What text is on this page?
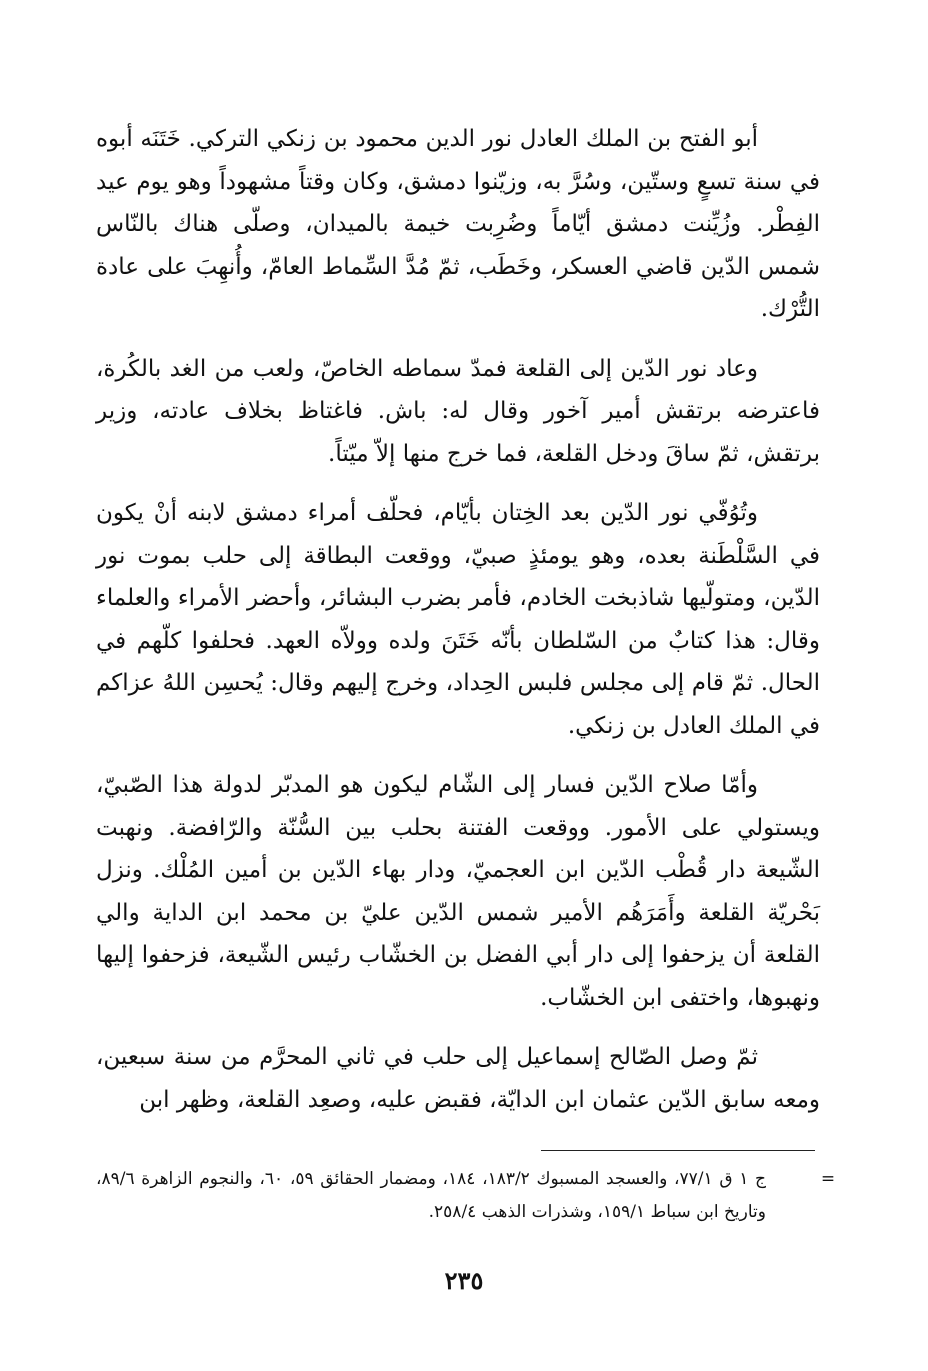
أبو الفتح بن الملك العادل نور الدين محمود بن زنكي التركي. خَتَنَه أبوه في سنة تسعٍ وستّين، وسُرَّ به، وزيّنوا دمشق، وكان وقتاً مشهوداً وهو يوم عيد الفِطْر. وزُيِّنت دمشق أيّاماً وضُرِبت خيمة بالميدان، وصلّى هناك بالنّاس شمس الدّين قاضي العسكر، وخَطَب، ثمّ مُدَّ السِّماط العامّ، وأُنهِبَ على عادة التُّرْك.

وعاد نور الدّين إلى القلعة فمدّ سماطه الخاصّ، ولعب من الغد بالكُرة، فاعترضه برتقش أمير آخور وقال له: باش. فاغتاظ بخلاف عادته، وزير برتقش، ثمّ ساقَ ودخل القلعة، فما خرج منها إلاّ ميّتاً.

وتُوُفّي نور الدّين بعد الخِتان بأيّام، فحلّف أمراء دمشق لابنه أنْ يكون في السَّلْطَنة بعده، وهو يومئذٍ صبيّ، ووقعت البطاقة إلى حلب بموت نور الدّين، ومتولّيها شاذبخت الخادم، فأمر بضرب البشائر، وأحضر الأمراء والعلماء وقال: هذا كتابٌ من السّلطان بأنّه خَتَنَ ولده وولاّه العهد. فحلفوا كلّهم في الحال. ثمّ قام إلى مجلس فلبس الحِداد، وخرج إليهم وقال: يُحسِن اللهُ عزاكم في الملك العادل بن زنكي.

وأمّا صلاح الدّين فسار إلى الشّام ليكون هو المدبّر لدولة هذا الصّبيّ، ويستولي على الأمور. ووقعت الفتنة بحلب بين السُّنّة والرّافضة. ونهبت الشّيعة دار قُطْب الدّين ابن العجميّ، ودار بهاء الدّين بن أمين المُلْك. ونزل بَحْريّة القلعة وأَمَرَهُم الأمير شمس الدّين عليّ بن محمد ابن الداية والي القلعة أن يزحفوا إلى دار أبي الفضل بن الخشّاب رئيس الشّيعة، فزحفوا إليها ونهبوها، واختفى ابن الخشّاب.

ثمّ وصل الصّالح إسماعيل إلى حلب في ثاني المحرَّم من سنة سبعين، ومعه سابق الدّين عثمان ابن الدايّة، فقبض عليه، وصعِد القلعة، وظهر ابن

=
ج ١ ق ٧٧/١، والعسجد المسبوك ١٨٣/٢، ١٨٤، ومضمار الحقائق ٥٩، ٦٠، والنجوم الزاهرة ٨٩/٦، وتاريخ ابن سباط ١٥٩/١، وشذرات الذهب ٢٥٨/٤.
٢٣٥
